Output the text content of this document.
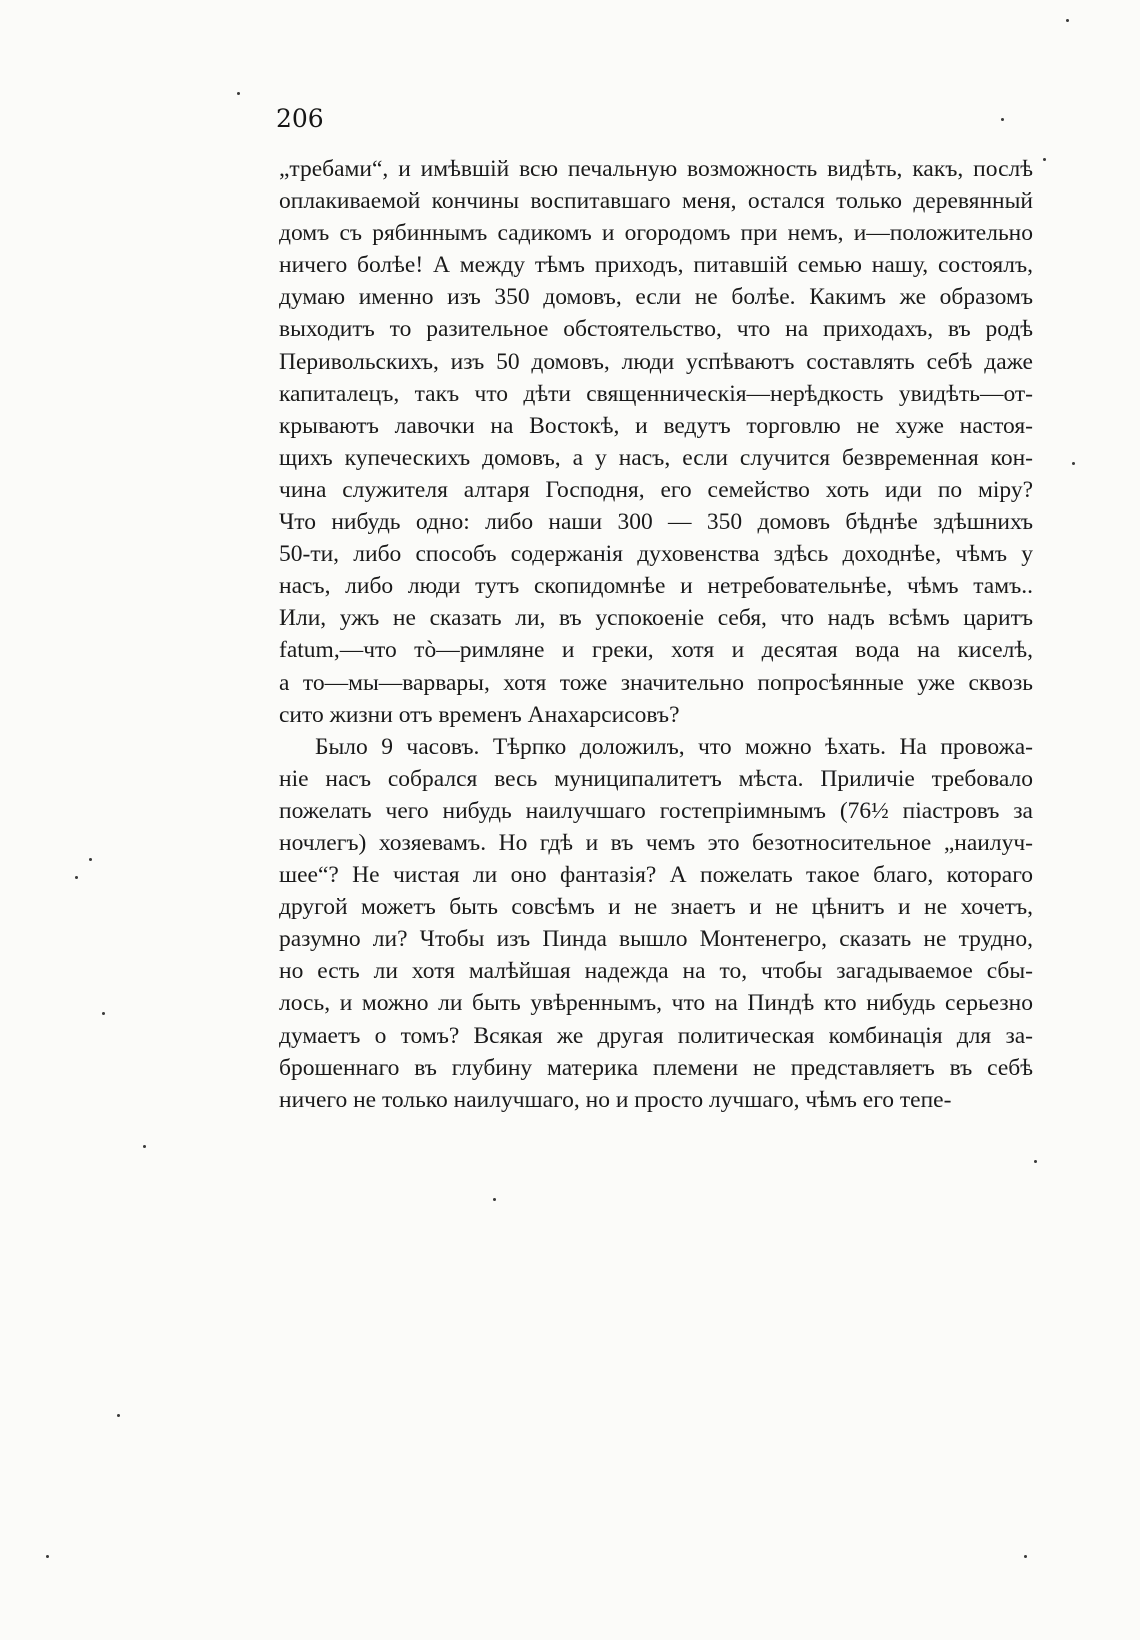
206
„требами“, и имѣвшій всю печальную возможность видѣть, какъ, послѣ
оплакиваемой кончины воспитавшаго меня, остался только деревянный
домъ съ рябиннымъ садикомъ и огородомъ при немъ, и—положительно
ничего болѣе! А между тѣмъ приходъ, питавшій семью нашу, состоялъ,
думаю именно изъ 350 домовъ, если не болѣе. Какимъ же образомъ
выходитъ то разительное обстоятельство, что на приходахъ, въ родѣ
Перивольскихъ, изъ 50 домовъ, люди успѣваютъ составлять себѣ даже
капиталецъ, такъ что дѣти священническія—нерѣдкость увидѣть—от-
крываютъ лавочки на Востокѣ, и ведутъ торговлю не хуже настоя-
щихъ купеческихъ домовъ, а у насъ, если случится безвременная кон-
чина служителя алтаря Господня, его семейство хоть иди по міру?
Что нибудь одно: либо наши 300 — 350 домовъ бѣднѣе здѣшнихъ
50-ти, либо способъ содержанія духовенства здѣсь доходнѣе, чѣмъ у
насъ, либо люди тутъ скопидомнѣе и нетребовательнѣе, чѣмъ тамъ..
Или, ужъ не сказать ли, въ успокоеніе себя, что надъ всѣмъ царитъ
fatum,—что тò—римляне и греки, хотя и десятая вода на киселѣ,
а то—мы—варвары, хотя тоже значительно попросѣянные уже сквозь
сито жизни отъ временъ Анахарсисовъ?
Было 9 часовъ. Тѣрпко доложилъ, что можно ѣхать. На провожа-
ніе насъ собрался весь муниципалитетъ мѣста. Приличіе требовало
пожелать чего нибудь наилучшаго гостепріимнымъ (76½ піастровъ за
ночлегъ) хозяевамъ. Но гдѣ и въ чемъ это безотносительное „наилуч-
шее“? Не чистая ли оно фантазія? А пожелать такое благо, котораго
другой можетъ быть совсѣмъ и не знаетъ и не цѣнитъ и не хочетъ,
разумно ли? Чтобы изъ Пинда вышло Монтенегро, сказать не трудно,
но есть ли хотя малѣйшая надежда на то, чтобы загадываемое сбы-
лось, и можно ли быть увѣреннымъ, что на Пиндѣ кто нибудь серьезно
думаетъ о томъ? Всякая же другая политическая комбинація для за-
брошеннаго въ глубину материка племени не представляетъ въ себѣ
ничего не только наилучшаго, но и просто лучшаго, чѣмъ его тепе-
